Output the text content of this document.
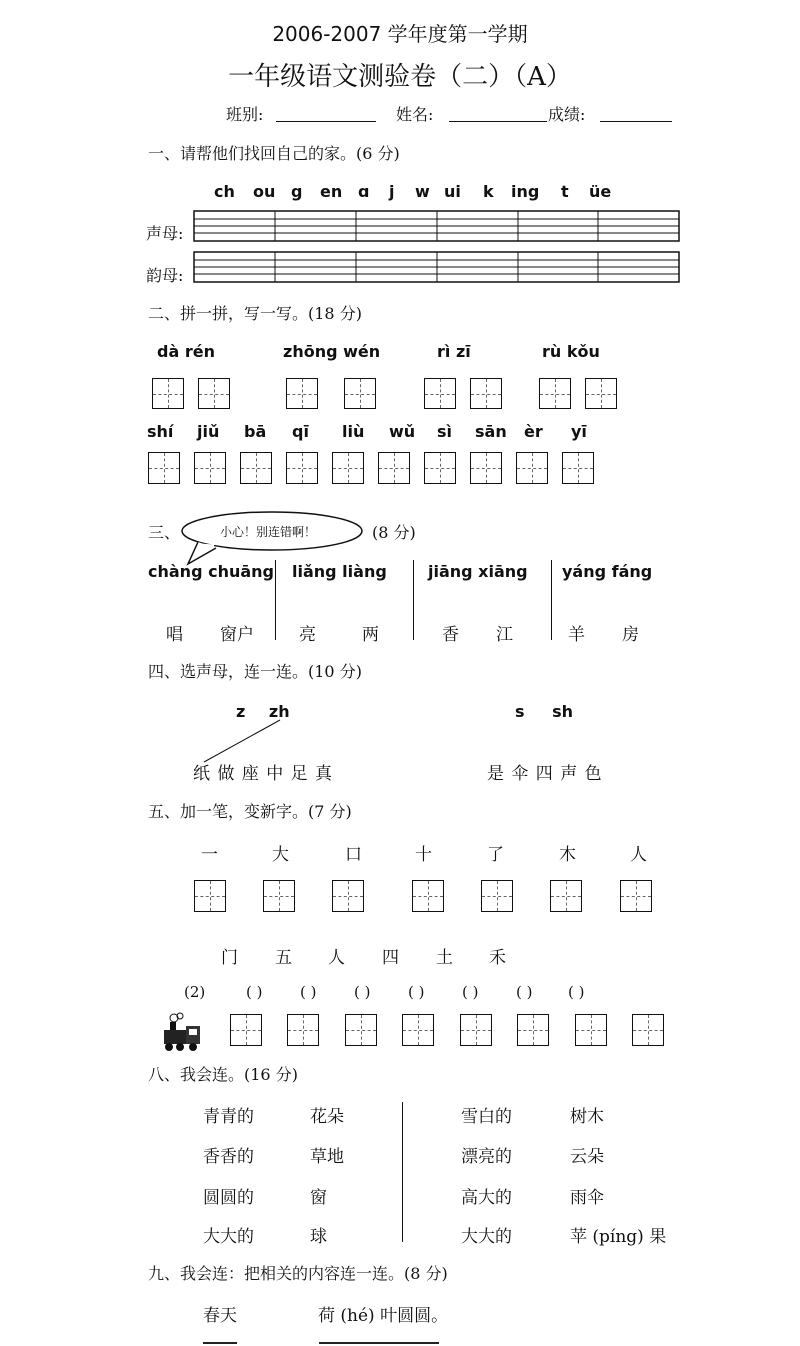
2006-2007 学年度第一学期
一年级语文测验卷（二）（A）
班别:	姓名:	成绩:
一、请帮他们找回自己的家。(6 分)
ch ou g en ɑ j w ui k ing t üe
声母:
韵母:
二、拼一拼，写一写。(18 分)
dà rén	zhōng wén	rì zī	rù kǒu
shí jiǔ bā qī liù wǔ sì sān èr yī
三、	小心！别连错啊！	(8 分)
chàng chuāng liǎng liàng	jiāng xiāng yáng fáng
唱 窗户	亮	两	香 江	羊 房
四、选声母，连一连。(10 分)
z zh	s sh
纸 做 座 中 足 真	是 伞 四 声 色
五、加一笔，变新字。(7 分)
一	大	口	十	了	木	人
门 五 人 四 土 禾
(2)	( )	( )	( )	( )	( )	( ) ( )
八、我会连。(16 分)
青青的	花朵
香香的	草地
圆圆的	窗
大大的	球
雪白的	树木
漂亮的	云朵
高大的	雨伞
大大的	苹 (píng) 果
九、我会连：把相关的内容连一连。(8 分)
春天	荷 (hé) 叶圆圆。
